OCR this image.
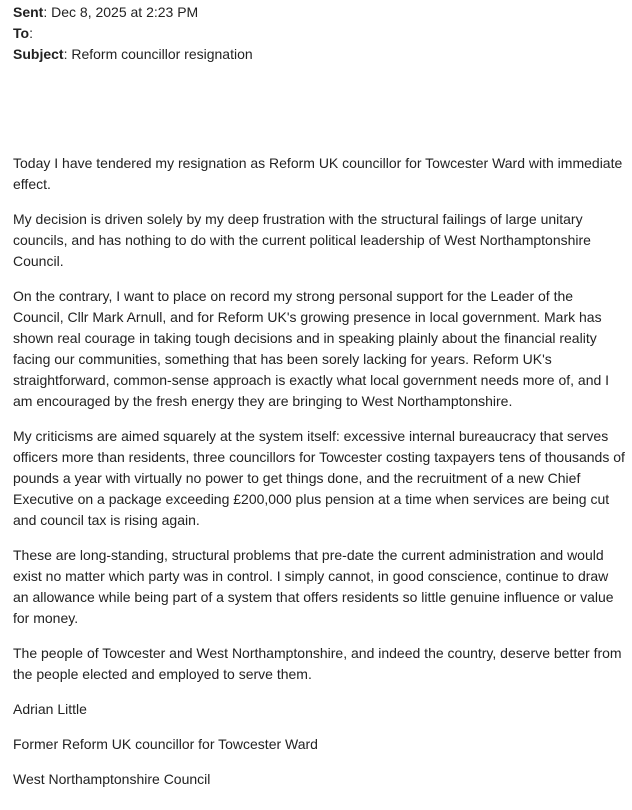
Sent: Dec 8, 2025 at 2:23 PM
To:
Subject: Reform councillor resignation

Today I have tendered my resignation as Reform UK councillor for Towcester Ward with immediate effect.

My decision is driven solely by my deep frustration with the structural failings of large unitary councils, and has nothing to do with the current political leadership of West Northamptonshire Council.

On the contrary, I want to place on record my strong personal support for the Leader of the Council, Cllr Mark Arnull, and for Reform UK's growing presence in local government. Mark has shown real courage in taking tough decisions and in speaking plainly about the financial reality facing our communities, something that has been sorely lacking for years. Reform UK's straightforward, common-sense approach is exactly what local government needs more of, and I am encouraged by the fresh energy they are bringing to West Northamptonshire.

My criticisms are aimed squarely at the system itself: excessive internal bureaucracy that serves officers more than residents, three councillors for Towcester costing taxpayers tens of thousands of pounds a year with virtually no power to get things done, and the recruitment of a new Chief Executive on a package exceeding £200,000 plus pension at a time when services are being cut and council tax is rising again.

These are long-standing, structural problems that pre-date the current administration and would exist no matter which party was in control. I simply cannot, in good conscience, continue to draw an allowance while being part of a system that offers residents so little genuine influence or value for money.

The people of Towcester and West Northamptonshire, and indeed the country, deserve better from the people elected and employed to serve them.

Adrian Little

Former Reform UK councillor for Towcester Ward

West Northamptonshire Council
